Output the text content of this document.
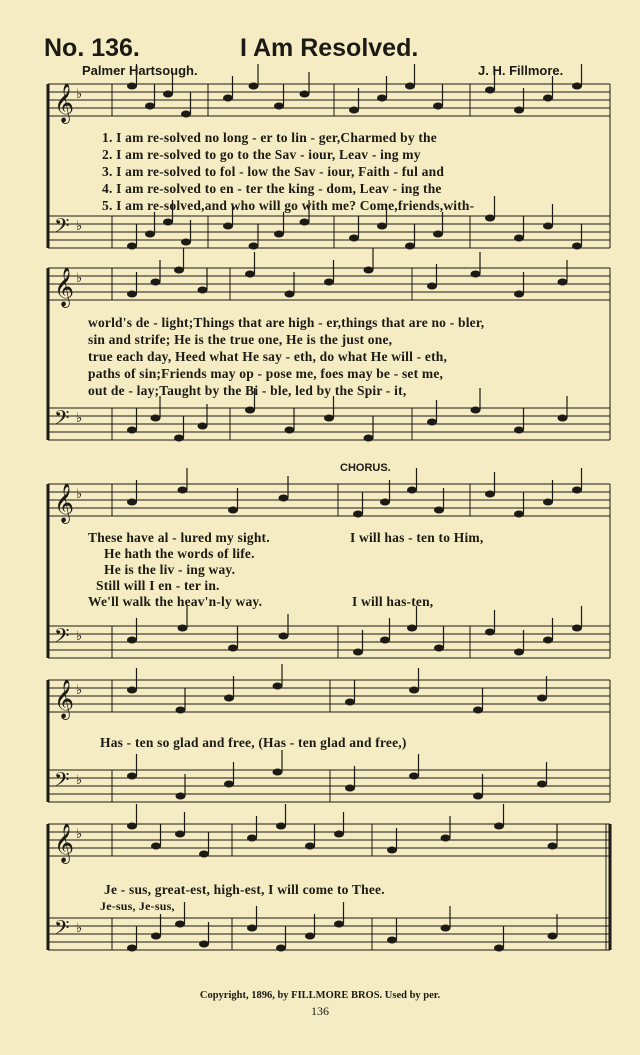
No. 136.	I Am Resolved.
Palmer Hartsough.	J. H. Fillmore.
𝄞 ♭
𝄢 ♭
𝄞 ♭
𝄢 ♭
𝄞 ♭
𝄢 ♭
𝄞 ♭
𝄢 ♭
𝄞 ♭
𝄢 ♭
1. I am re-solved no long - er to lin - ger,Charmed by the
2. I am re-solved to go to the Sav - iour, Leav - ing my
3. I am re-solved to fol - low the Sav - iour, Faith - ful and
4. I am re-solved to en - ter the king - dom, Leav - ing the
5. I am re-solved,and who will go with me? Come,friends,with-
world's de - light;Things that are high - er,things that are no - bler,
sin and strife; He is the true one, He is the just one,
true each day, Heed what He say - eth, do what He will - eth,
paths of sin;Friends may op - pose me, foes may be - set me,
out de - lay;Taught by the Bi - ble, led by the Spir - it,
CHORUS.
These have al - lured my sight.
He hath the words of life.
He is the liv - ing way.
Still will I en - ter in.
We'll walk the heav'n-ly way.
I will has - ten to Him,
I will has-ten,
Has - ten so glad and free, (Has - ten glad and free,)
Je - sus, great-est, high-est, I will come to Thee.
Je-sus, Je-sus,
Copyright, 1896, by FILLMORE BROS. Used by per.
136
